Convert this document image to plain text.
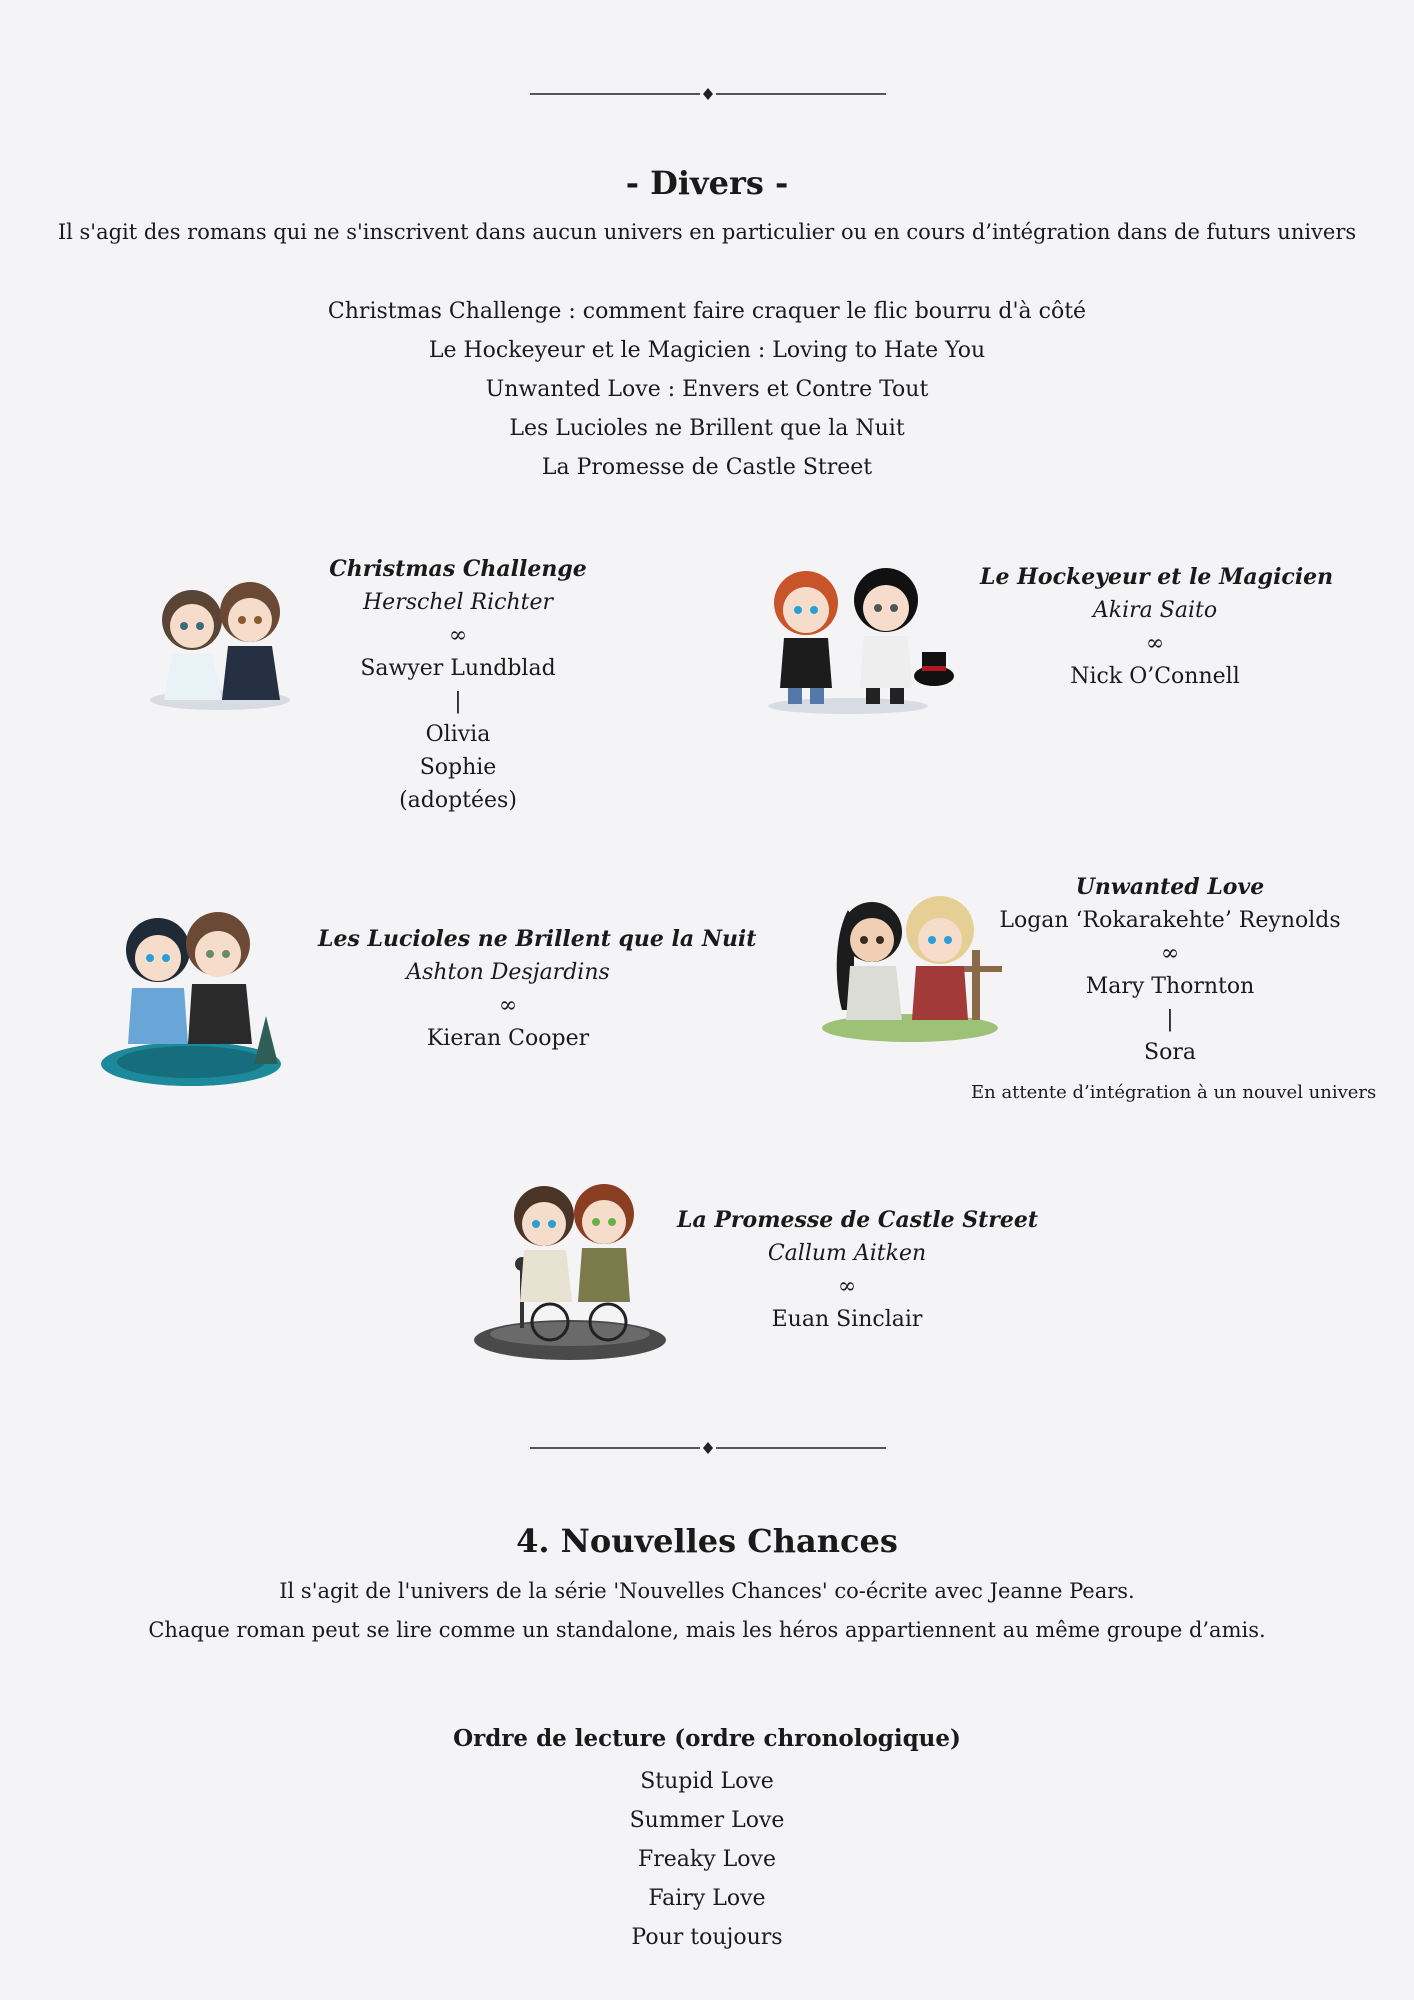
- Divers -
Il s'agit des romans qui ne s'inscrivent dans aucun univers en particulier ou en cours d’intégration dans de futurs univers
Christmas Challenge : comment faire craquer le flic bourru d'à côté
Le Hockeyeur et le Magicien : Loving to Hate You
Unwanted Love : Envers et Contre Tout
Les Lucioles ne Brillent que la Nuit
La Promesse de Castle Street
Christmas Challenge
Herschel Richter
∞
Sawyer Lundblad
|
Olivia
Sophie
(adoptées)
Le Hockeyeur et le Magicien
Akira Saito
∞
Nick O’Connell
Les Lucioles ne Brillent que la Nuit
Ashton Desjardins
∞
Kieran Cooper
Unwanted Love
Logan ‘Rokarakehte’ Reynolds
∞
Mary Thornton
|
Sora
En attente d’intégration à un nouvel univers
La Promesse de Castle Street
Callum Aitken
∞
Euan Sinclair
4. Nouvelles Chances
Il s'agit de l'univers de la série 'Nouvelles Chances' co-écrite avec Jeanne Pears.
Chaque roman peut se lire comme un standalone, mais les héros appartiennent au même groupe d’amis.
Ordre de lecture (ordre chronologique)
Stupid Love
Summer Love
Freaky Love
Fairy Love
Pour toujours
